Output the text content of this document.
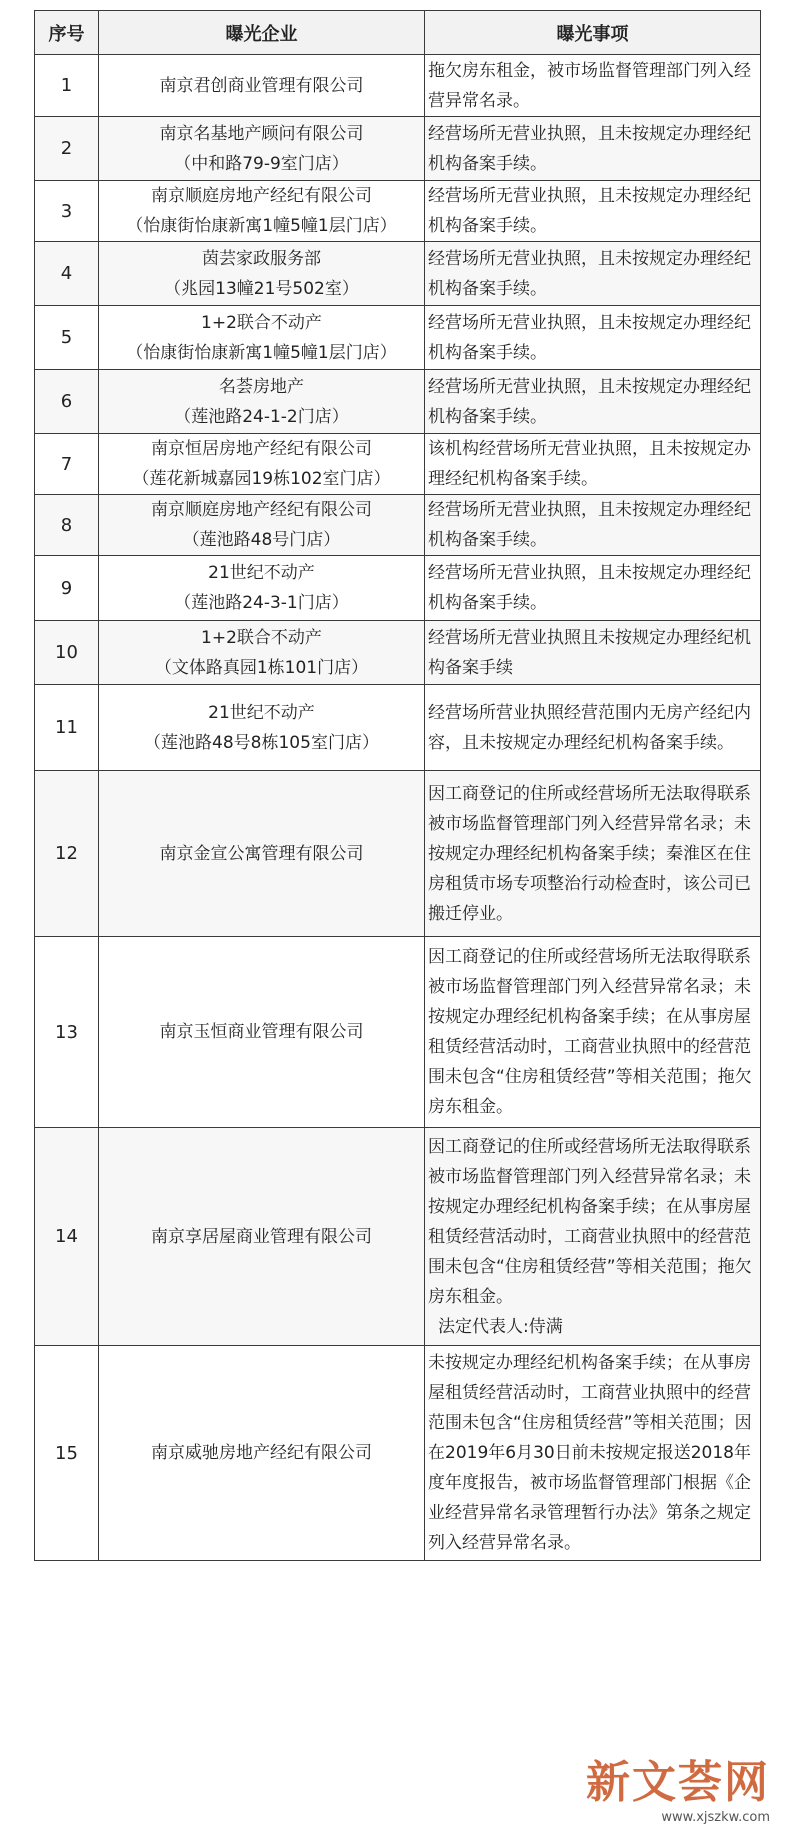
序号	曝光企业	曝光事项
1	南京君创商业管理有限公司	拖欠房东租金，被市场监督管理部门列入经营异常名录。

2	南京名基地产顾问有限公司
（中和路79-9室门店）	经营场所无营业执照，且未按规定办理经纪机构备案手续。

3	南京顺庭房地产经纪有限公司
（怡康街怡康新寓1幢5幢1层门店）	经营场所无营业执照，且未按规定办理经纪机构备案手续。

4	茵芸家政服务部
（兆园13幢21号502室）	经营场所无营业执照，且未按规定办理经纪机构备案手续。

5	1+2联合不动产
（怡康街怡康新寓1幢5幢1层门店）	经营场所无营业执照，且未按规定办理经纪机构备案手续。

6	名荟房地产
（莲池路24-1-2门店）	经营场所无营业执照，且未按规定办理经纪机构备案手续。

7	南京恒居房地产经纪有限公司
（莲花新城嘉园19栋102室门店）	该机构经营场所无营业执照，且未按规定办理经纪机构备案手续。

8	南京顺庭房地产经纪有限公司
（莲池路48号门店）	经营场所无营业执照，且未按规定办理经纪机构备案手续。

9	21世纪不动产
（莲池路24-3-1门店）	经营场所无营业执照，且未按规定办理经纪机构备案手续。

10	1+2联合不动产
（文体路真园1栋101门店）	经营场所无营业执照且未按规定办理经纪机构备案手续

11	21世纪不动产
（莲池路48号8栋105室门店）	经营场所营业执照经营范围内无房产经纪内容，且未按规定办理经纪机构备案手续。

12	南京金宣公寓管理有限公司	因工商登记的住所或经营场所无法取得联系被市场监督管理部门列入经营异常名录；未按规定办理经纪机构备案手续；秦淮区在住房租赁市场专项整治行动检查时，该公司已搬迁停业。

13	南京玉恒商业管理有限公司	因工商登记的住所或经营场所无法取得联系被市场监督管理部门列入经营异常名录；未按规定办理经纪机构备案手续；在从事房屋租赁经营活动时，工商营业执照中的经营范围未包含“住房租赁经营”等相关范围；拖欠房东租金。

14	南京享居屋商业管理有限公司	因工商登记的住所或经营场所无法取得联系被市场监督管理部门列入经营异常名录；未按规定办理经纪机构备案手续；在从事房屋租赁经营活动时，工商营业执照中的经营范围未包含“住房租赁经营”等相关范围；拖欠房东租金。
法定代表人:侍满

15	南京威驰房地产经纪有限公司	未按规定办理经纪机构备案手续；在从事房屋租赁经营活动时，工商营业执照中的经营范围未包含“住房租赁经营”等相关范围；因在2019年6月30日前未按规定报送2018年度年度报告，被市场监督管理部门根据《企业经营异常名录管理暂行办法》第条之规定列入经营异常名录。
新文荟网
www.xjszkw.com
